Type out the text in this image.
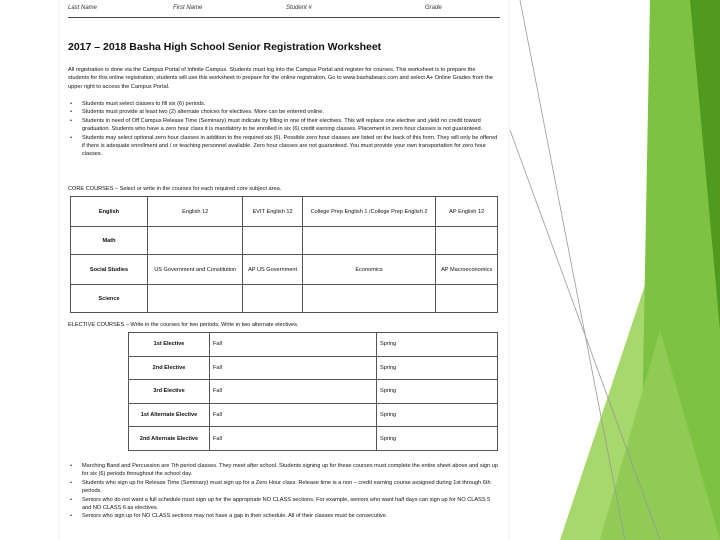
Last Name	First Name	Student #	Grade
2017 – 2018 Basha High School Senior Registration Worksheet
All registration is done via the Campus Portal of Infinite Campus. Students must log into the Campus Portal and register for courses. This worksheet is to prepare the students for this online registration; students will use this worksheet to prepare for the online registration. Go to www.bashabears.com and select A+ Online Grades from the upper right to access the Campus Portal.
• Students must select classes to fill six (6) periods.
• Students must provide at least two (2) alternate choices for electives. More can be entered online.
• Students in need of Off Campus Release Time (Seminary) must indicate by filling in one of their electives. This will replace one elective and yield no credit toward graduation. Students who have a zero hour class it is mandatory to be enrolled in six (6) credit earning classes. Placement in zero hour classes is not guaranteed.
• Students may select optional zero hour classes in addition to the required six (6). Possible zero hour classes are listed on the back of this form. They will only be offered if there is adequate enrollment and / or teaching personnel available. Zero hour classes are not guaranteed. You must provide your own transportation for zero hour classes.
CORE COURSES – Select or write in the courses for each required core subject area.
English	English 12	EVIT English 12	College Prep English 1 /College Prep English 2	AP English 12
Math				
Social Studies	US Government and Constitution	AP US Government	Economics	AP Macroeconomics
Science				
ELECTIVE COURSES – Write in the courses for two periods. Write in two alternate electives.
1st Elective	Fall	Spring
2nd Elective	Fall	Spring
3rd Elective	Fall	Spring
1st Alternate Elective	Fall	Spring
2nd Alternate Elective	Fall	Spring
• Marching Band and Percussion are 7th period classes. They meet after school. Students signing up for these courses must complete the entire sheet above and sign up for six (6) periods throughout the school day.
• Students who sign up for Release Time (Seminary) must sign up for a Zero Hour class. Release time is a non – credit earning course assigned during 1st through 6th periods.
• Seniors who do not want a full schedule must sign up for the appropriate NO CLASS sections. For example, seniors who want half days can sign up for NO CLASS 5 and NO CLASS 6 as electives.
• Seniors who sign up for NO CLASS sections may not have a gap in their schedule. All of their classes must be consecutive.
